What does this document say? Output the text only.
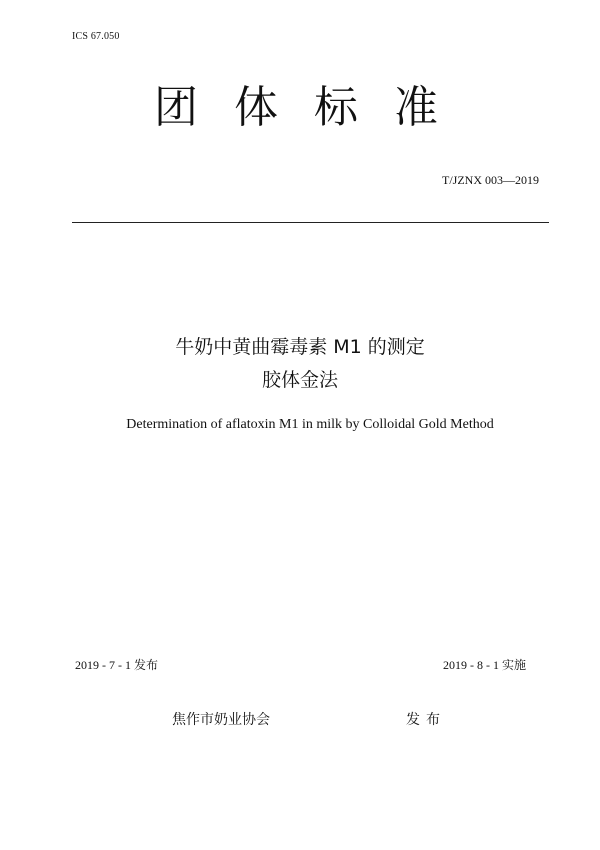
ICS 67.050
团体标准
T/JZNX 003—2019
牛奶中黄曲霉毒素 M1 的测定
胶体金法
Determination of aflatoxin M1 in milk by Colloidal Gold Method
2019 - 7 - 1 发布	2019 - 8 - 1 实施
焦作市奶业协会	发布
